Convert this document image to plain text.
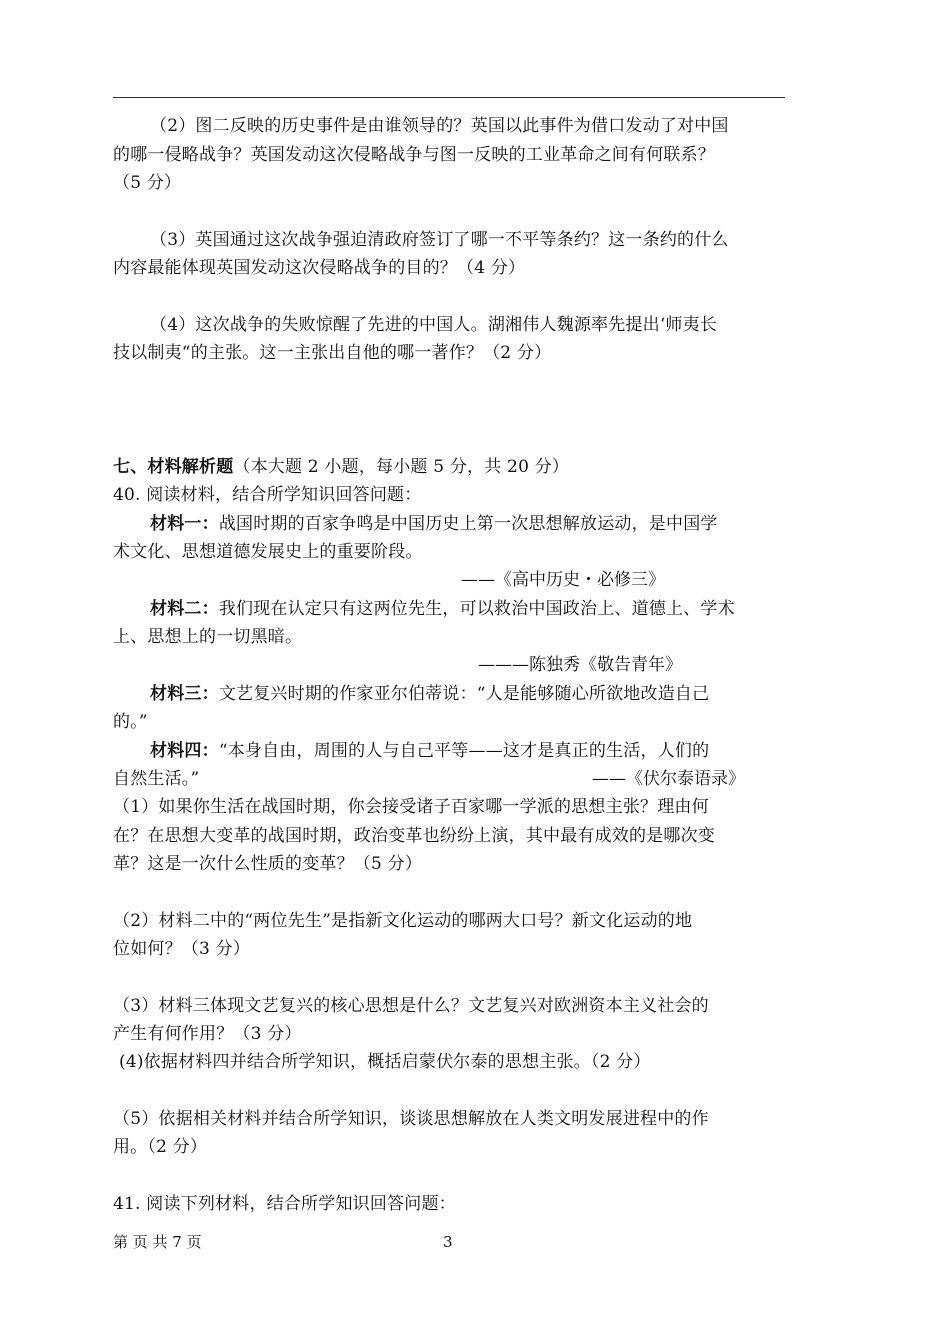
（2）图二反映的历史事件是由谁领导的？英国以此事件为借口发动了对中国
的哪一侵略战争？英国发动这次侵略战争与图一反映的工业革命之间有何联系？
（5 分）
（3）英国通过这次战争强迫清政府签订了哪一不平等条约？这一条约的什么
内容最能体现英国发动这次侵略战争的目的？（4 分）
（4）这次战争的失败惊醒了先进的中国人。湖湘伟人魏源率先提出‘师夷长
技以制夷“的主张。这一主张出自他的哪一著作？（2 分）
七、材料解析题（本大题 2 小题，每小题 5 分，共 20 分）
40. 阅读材料，结合所学知识回答问题：
材料一：战国时期的百家争鸣是中国历史上第一次思想解放运动，是中国学
术文化、思想道德发展史上的重要阶段。
——《高中历史・必修三》
材料二：我们现在认定只有这两位先生，可以救治中国政治上、道德上、学术
上、思想上的一切黑暗。
———陈独秀《敬告青年》
材料三：文艺复兴时期的作家亚尔伯蒂说：“人是能够随心所欲地改造自己
的。”
材料四：“本身自由，周围的人与自己平等——这才是真正的生活，人们的
自然生活。”	——《伏尔泰语录》
（1）如果你生活在战国时期，你会接受诸子百家哪一学派的思想主张？理由何
在？在思想大变革的战国时期，政治变革也纷纷上演，其中最有成效的是哪次变
革？这是一次什么性质的变革？（5 分）
（2）材料二中的“两位先生”是指新文化运动的哪两大口号？新文化运动的地
位如何？（3 分）
（3）材料三体现文艺复兴的核心思想是什么？文艺复兴对欧洲资本主义社会的
产生有何作用？（3 分）
(4)依据材料四并结合所学知识，概括启蒙伏尔泰的思想主张。（2 分）
（5）依据相关材料并结合所学知识，谈谈思想解放在人类文明发展进程中的作
用。（2 分）
41. 阅读下列材料，结合所学知识回答问题：
第 页 共 7 页	3
